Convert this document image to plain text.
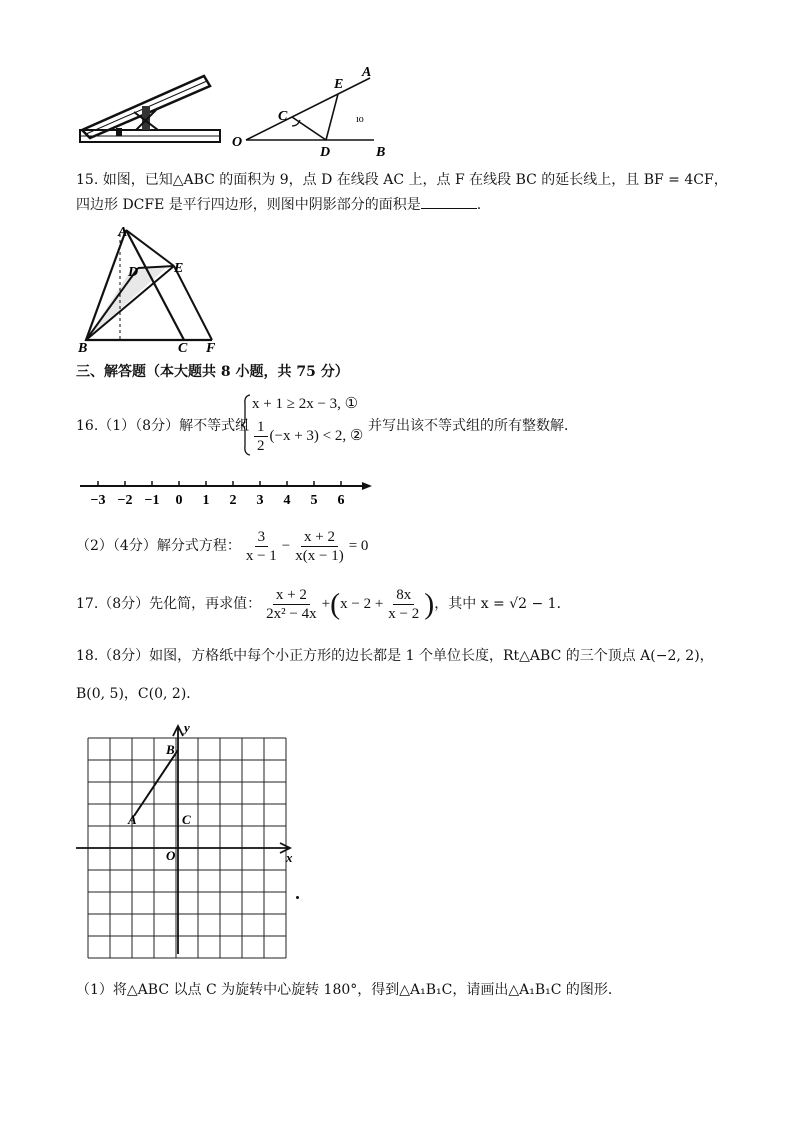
E
A
C
O
D	B
ıo
15. 如图，已知△ABC 的面积为 9，点 D 在线段 AC 上，点 F 在线段 BC 的延长线上，且 BF = 4CF，
四边形 DCFE 是平行四边形，则图中阴影部分的面积是	.
A
D	E
B	C F
三、解答题（本大题共 8 小题，共 75 分）
16.（1）（8分）解不等式组
x + 1 ≥ 2x − 3, ①
$\frac{1}{2} (-x + 3) < 2$, ②
并写出该不等式组的所有整数解．
−3 −2 −1 0 1 2 3 4 5 6
（2）（4分）解分式方程： $\frac{3}{x - 1} - \frac{x + 2}{x(x - 1)} = 0$
17.（8分）先化简，再求值： $\frac{x + 2}{\text{2x² − 4x}} +(x - 2 + \frac{8x}{x - 2}$ )，其中 x = √2 − 1．
18.（8分）如图，方格纸中每个小正方形的边长都是 1 个单位长度，Rt△ABC 的三个顶点 A(−2, 2)，
B(0, 5)，C(0, 2)．
y
x
B
A	C
O
（1）将△ABC 以点 C 为旋转中心旋转 180°，得到△A₁B₁C，请画出△A₁B₁C 的图形．
